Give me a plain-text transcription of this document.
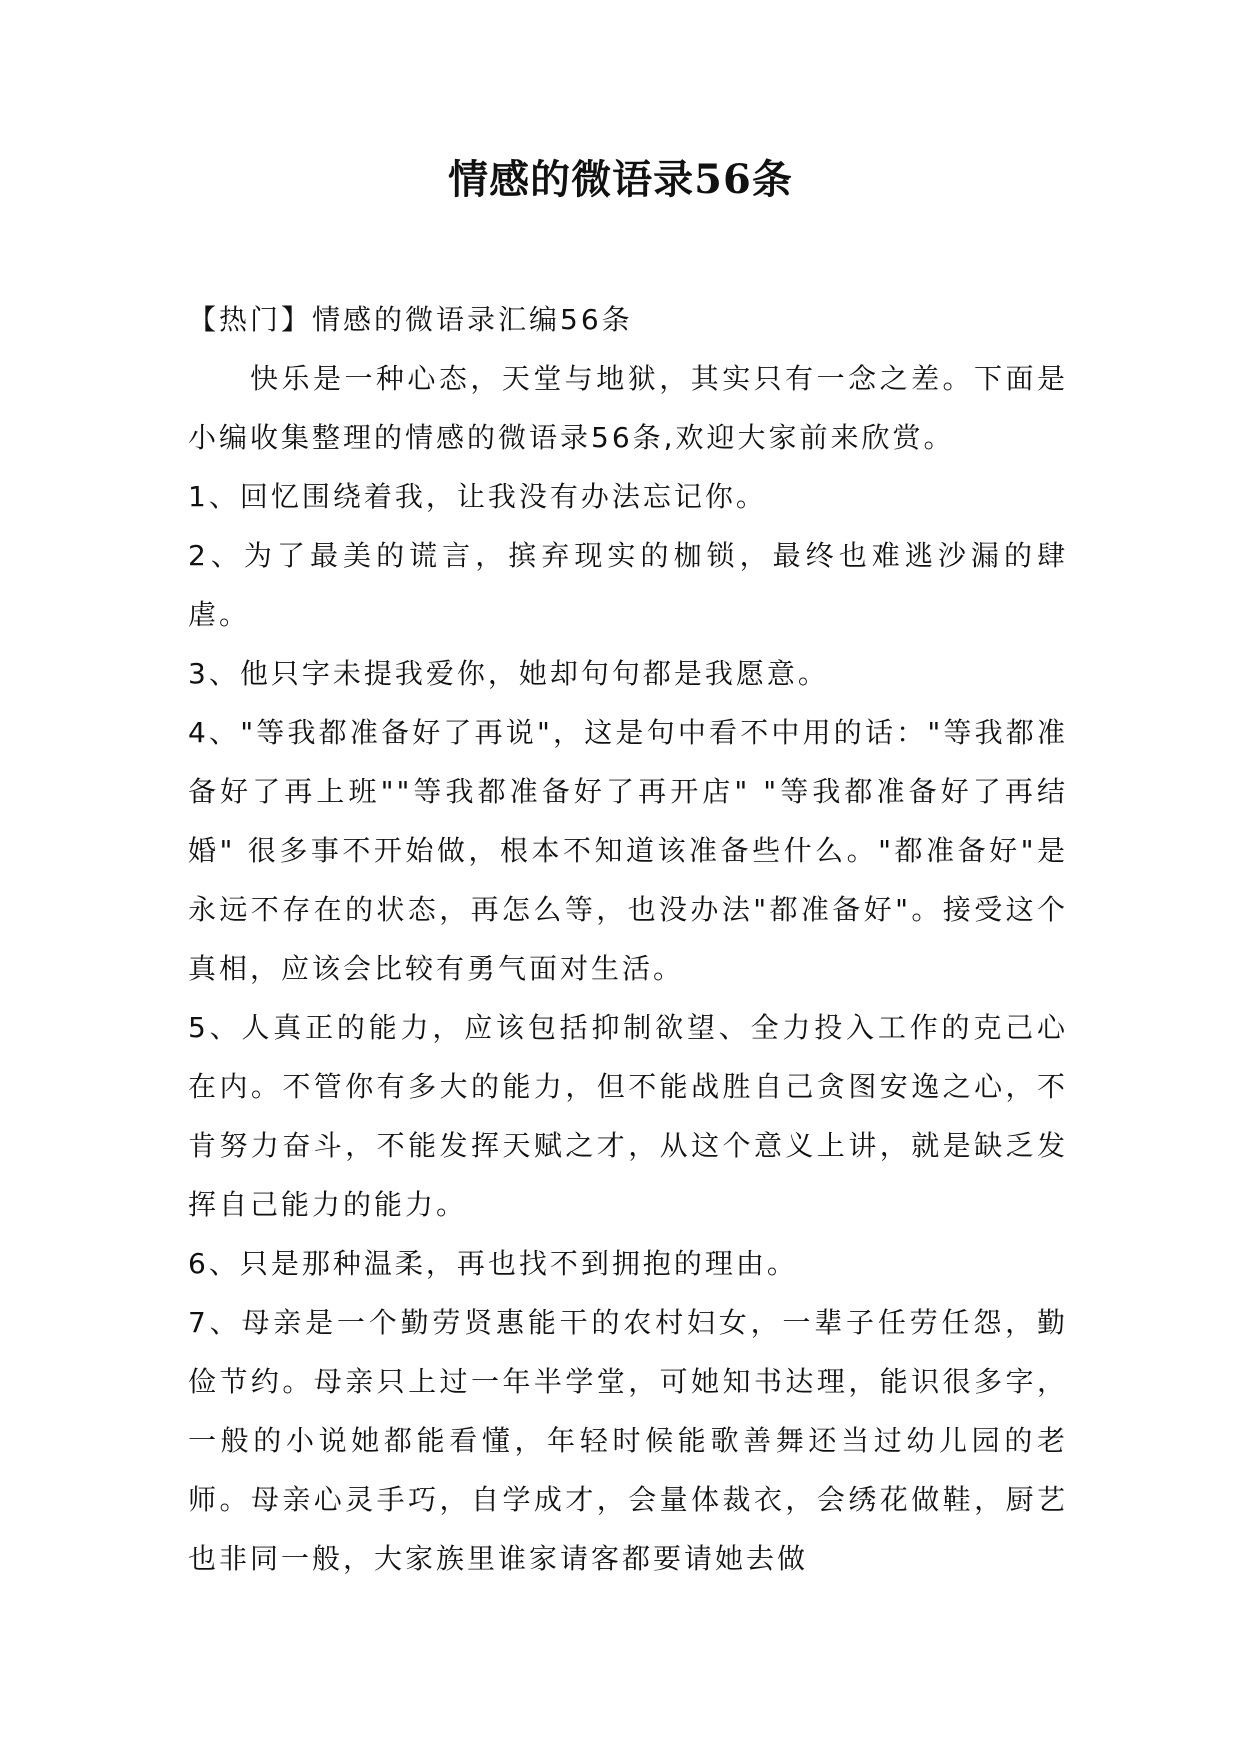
情感的微语录56条

【热门】情感的微语录汇编56条

快乐是一种心态，天堂与地狱，其实只有一念之差。下面是小编收集整理的情感的微语录56条,欢迎大家前来欣赏。

1、回忆围绕着我，让我没有办法忘记你。

2、为了最美的谎言，摈弃现实的枷锁，最终也难逃沙漏的肆虐。

3、他只字未提我爱你，她却句句都是我愿意。

4、"等我都准备好了再说"，这是句中看不中用的话："等我都准备好了再上班""等我都准备好了再开店" "等我都准备好了再结婚" 很多事不开始做，根本不知道该准备些什么。"都准备好"是永远不存在的状态，再怎么等，也没办法"都准备好"。接受这个真相，应该会比较有勇气面对生活。

5、人真正的能力，应该包括抑制欲望、全力投入工作的克己心在内。不管你有多大的能力，但不能战胜自己贪图安逸之心，不肯努力奋斗，不能发挥天赋之才，从这个意义上讲，就是缺乏发挥自己能力的能力。

6、只是那种温柔，再也找不到拥抱的理由。

7、母亲是一个勤劳贤惠能干的农村妇女，一辈子任劳任怨，勤俭节约。母亲只上过一年半学堂，可她知书达理，能识很多字，一般的小说她都能看懂，年轻时候能歌善舞还当过幼儿园的老师。母亲心灵手巧，自学成才，会量体裁衣，会绣花做鞋，厨艺也非同一般，大家族里谁家请客都要请她去做
